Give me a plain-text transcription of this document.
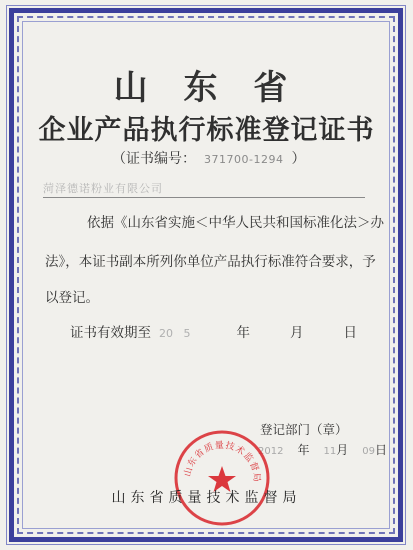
山 东 省
企业产品执行标准登记证书
（证书编号： 371700-1294 ）
菏泽德诺粉业有限公司
依据《山东省实施＜中华人民共和国标准化法＞办
法》，本证书副本所列你单位产品执行标准符合要求，予
以登记。
证书有效期至 20   5	年	月	日
登记部门（章）
2012 年 11月 09日
山东省质量技术监督局
山东省质量技术监督局
